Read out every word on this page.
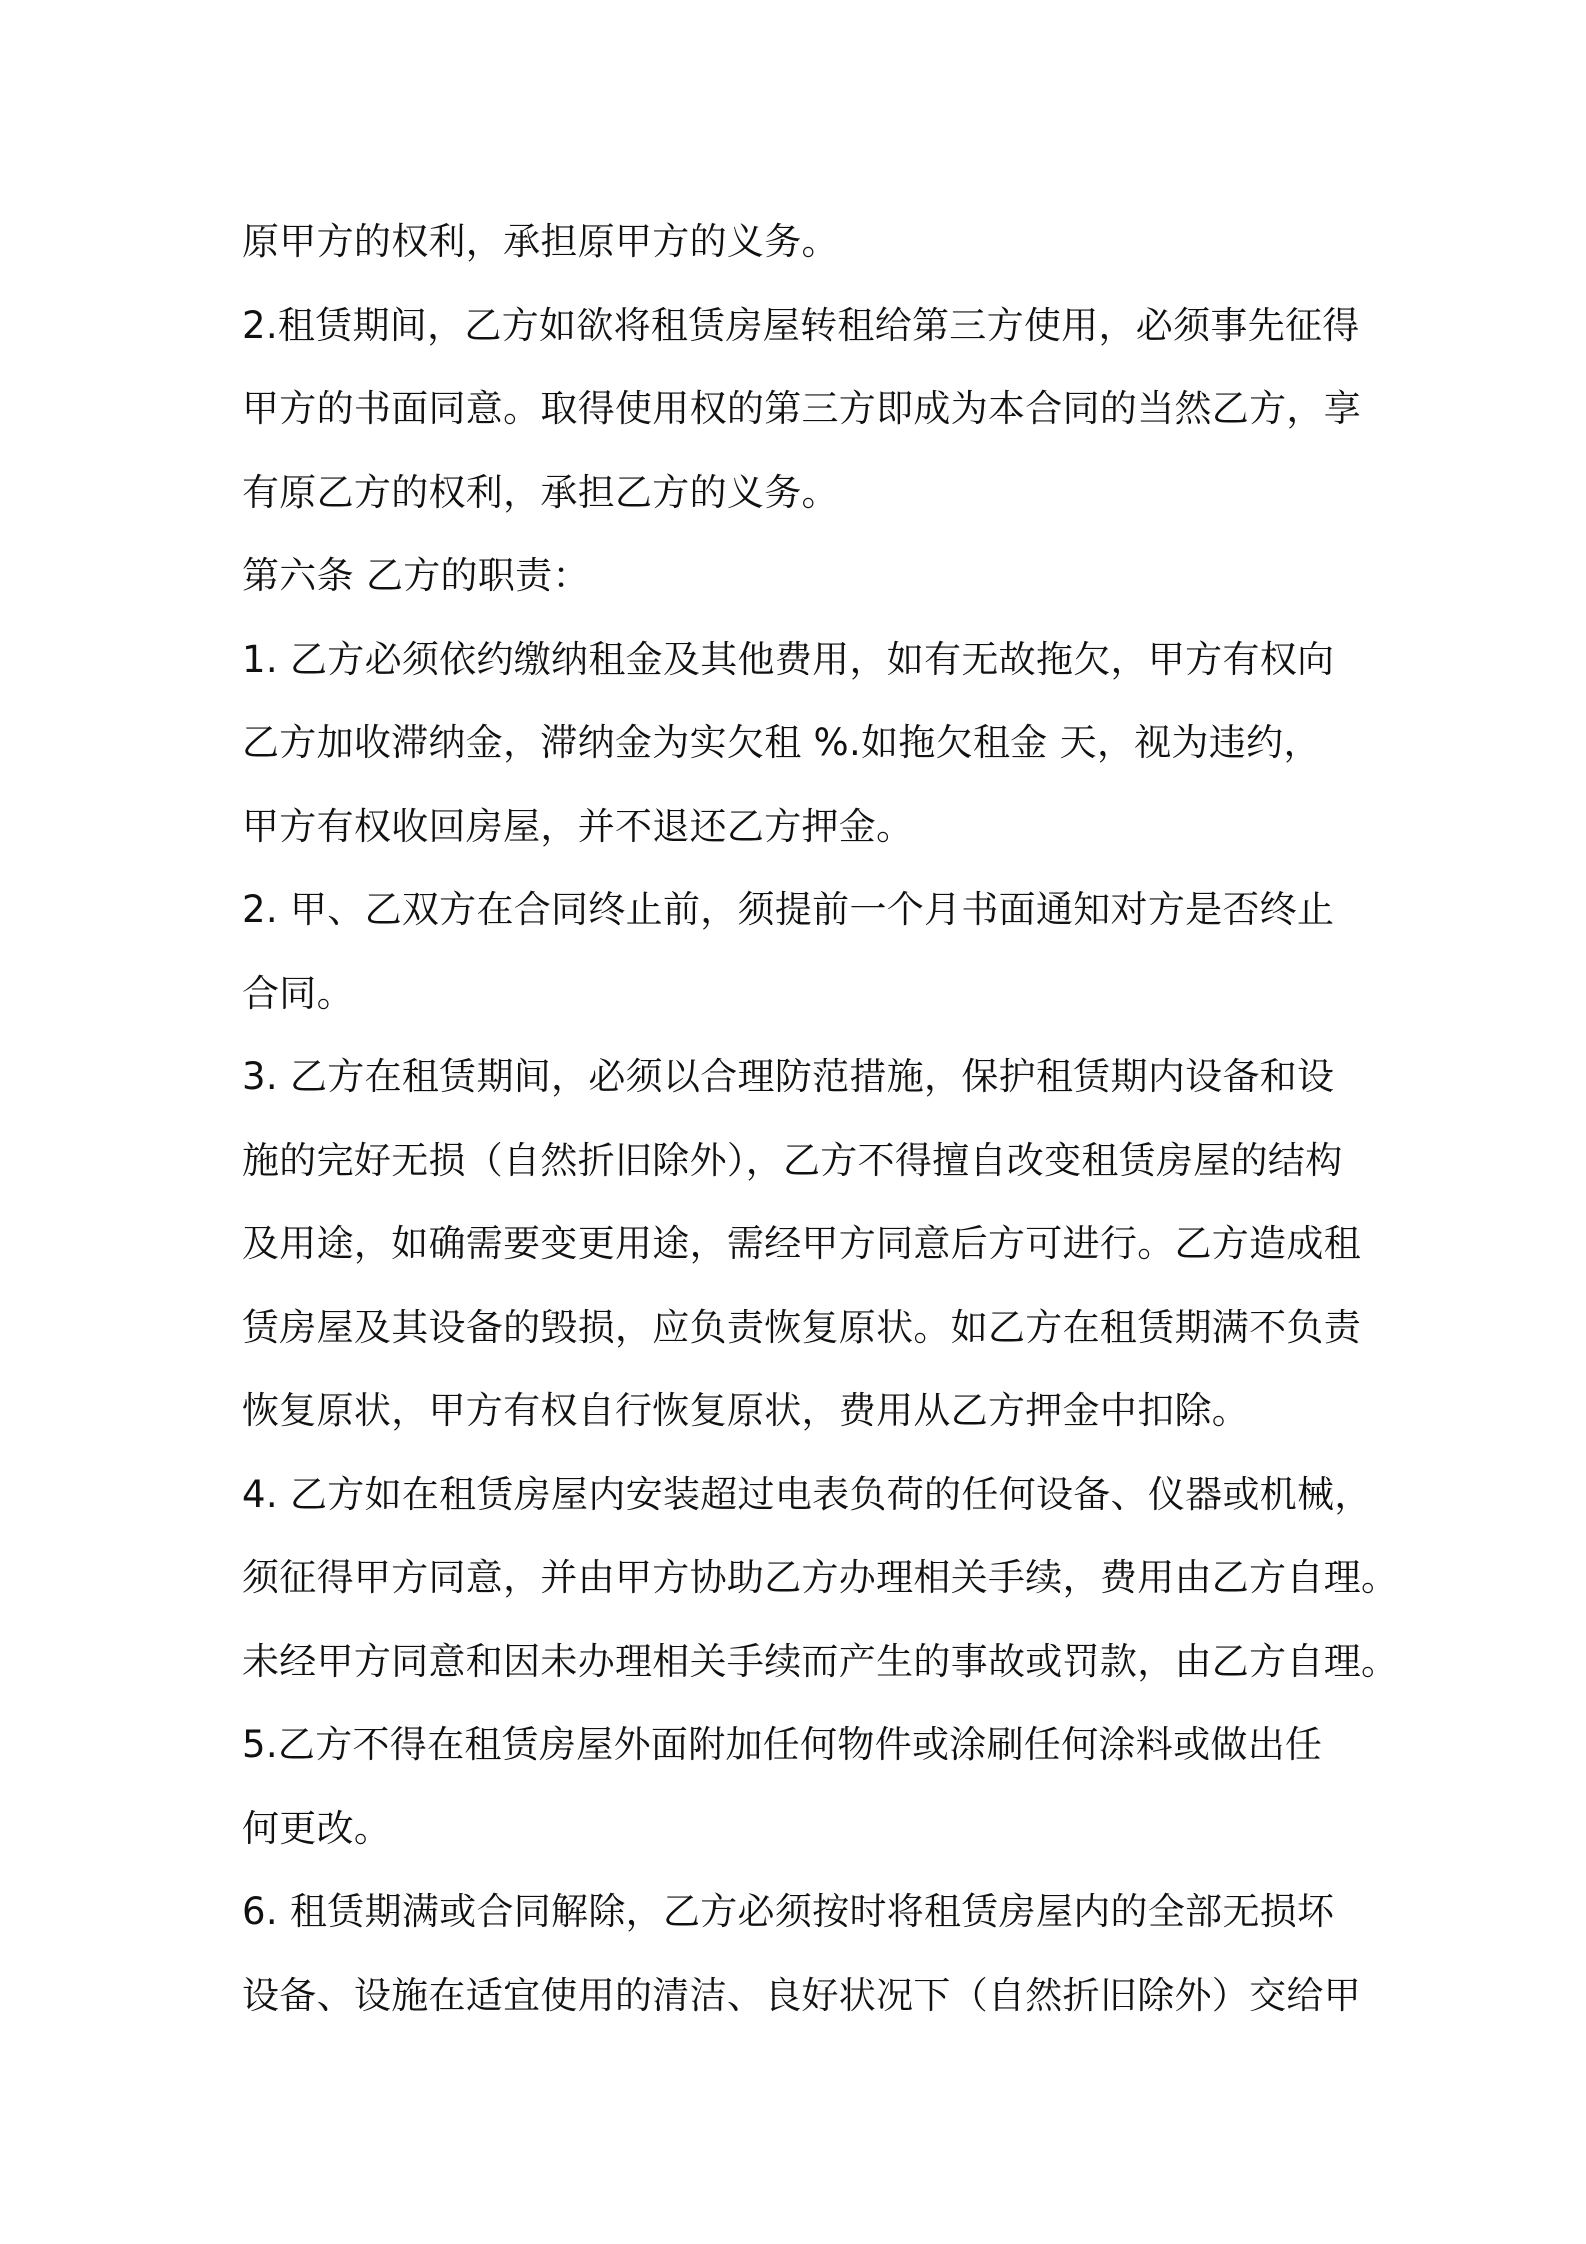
原甲方的权利，承担原甲方的义务。
2.租赁期间，乙方如欲将租赁房屋转租给第三方使用，必须事先征得
甲方的书面同意。取得使用权的第三方即成为本合同的当然乙方，享
有原乙方的权利，承担乙方的义务。
第六条 乙方的职责：
1. 乙方必须依约缴纳租金及其他费用，如有无故拖欠，甲方有权向
乙方加收滞纳金，滞纳金为实欠租 %.如拖欠租金 天，视为违约，
甲方有权收回房屋，并不退还乙方押金。
2. 甲、乙双方在合同终止前，须提前一个月书面通知对方是否终止
合同。
3. 乙方在租赁期间，必须以合理防范措施，保护租赁期内设备和设
施的完好无损（自然折旧除外），乙方不得擅自改变租赁房屋的结构
及用途，如确需要变更用途，需经甲方同意后方可进行。乙方造成租
赁房屋及其设备的毁损，应负责恢复原状。如乙方在租赁期满不负责
恢复原状，甲方有权自行恢复原状，费用从乙方押金中扣除。
4. 乙方如在租赁房屋内安装超过电表负荷的任何设备、仪器或机械，
须征得甲方同意，并由甲方协助乙方办理相关手续，费用由乙方自理。
未经甲方同意和因未办理相关手续而产生的事故或罚款，由乙方自理。
5.乙方不得在租赁房屋外面附加任何物件或涂刷任何涂料或做出任
何更改。
6. 租赁期满或合同解除，乙方必须按时将租赁房屋内的全部无损坏
设备、设施在适宜使用的清洁、良好状况下（自然折旧除外）交给甲
